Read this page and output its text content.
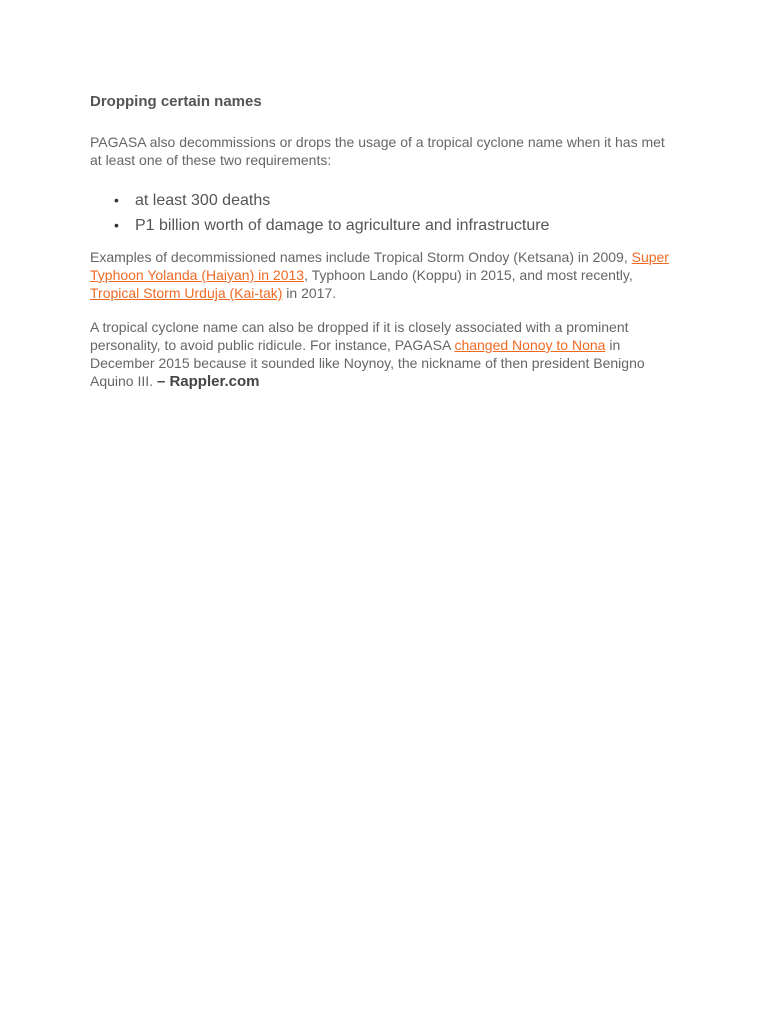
Dropping certain names

PAGASA also decommissions or drops the usage of a tropical cyclone name when it has met at least one of these two requirements:

• at least 300 deaths
• P1 billion worth of damage to agriculture and infrastructure

Examples of decommissioned names include Tropical Storm Ondoy (Ketsana) in 2009, Super Typhoon Yolanda (Haiyan) in 2013, Typhoon Lando (Koppu) in 2015, and most recently, Tropical Storm Urduja (Kai-tak) in 2017.

A tropical cyclone name can also be dropped if it is closely associated with a prominent personality, to avoid public ridicule. For instance, PAGASA changed Nonoy to Nona in December 2015 because it sounded like Noynoy, the nickname of then president Benigno Aquino III. – Rappler.com
